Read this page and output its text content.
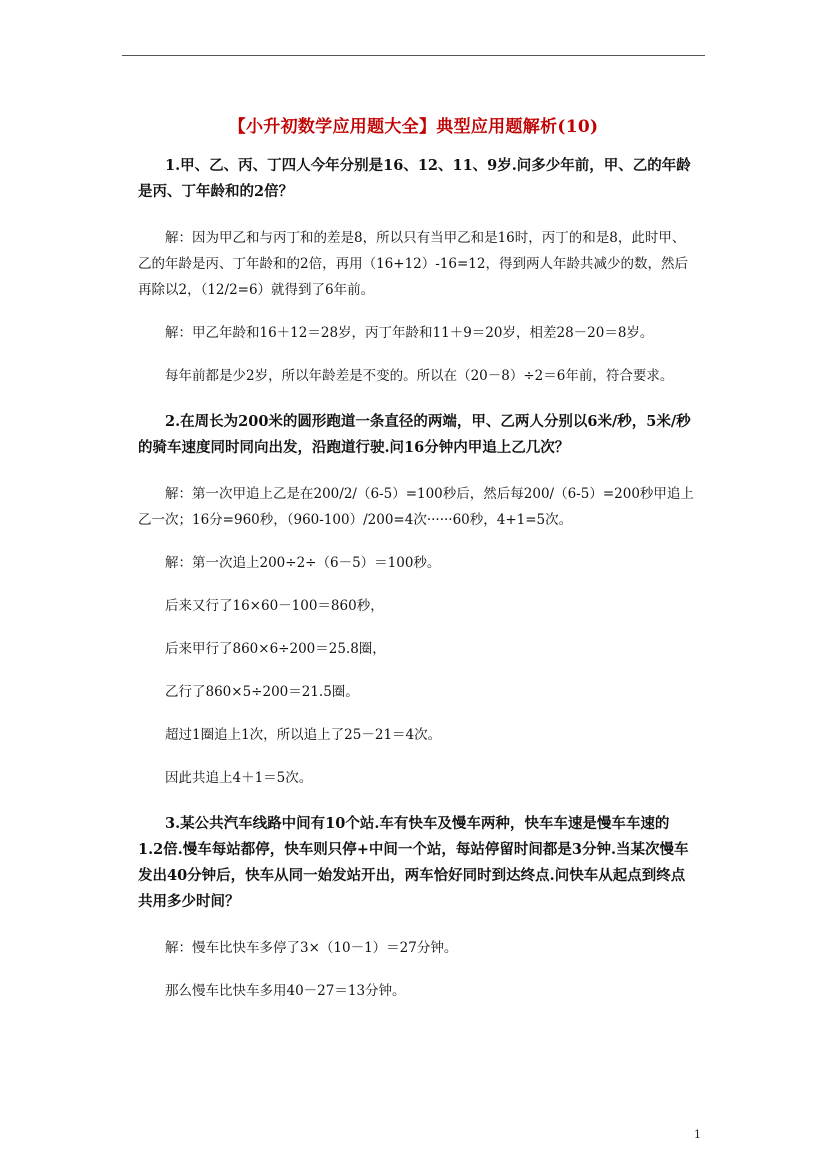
【小升初数学应用题大全】典型应用题解析(10)
1.甲、乙、丙、丁四人今年分别是16、12、11、9岁.问多少年前，甲、乙的年龄是丙、丁年龄和的2倍？
解：因为甲乙和与丙丁和的差是8，所以只有当甲乙和是16时，丙丁的和是8，此时甲、乙的年龄是丙、丁年龄和的2倍，再用（16+12）-16=12，得到两人年龄共减少的数，然后再除以2，（12/2=6）就得到了6年前。
解：甲乙年龄和16＋12＝28岁，丙丁年龄和11＋9＝20岁，相差28－20＝8岁。
每年前都是少2岁，所以年龄差是不变的。所以在（20－8）÷2＝6年前，符合要求。
2.在周长为200米的圆形跑道一条直径的两端，甲、乙两人分别以6米/秒，5米/秒的骑车速度同时同向出发，沿跑道行驶.问16分钟内甲追上乙几次？
解：第一次甲追上乙是在200/2/（6-5）=100秒后，然后每200/（6-5）=200秒甲追上乙一次；16分=960秒，（960-100）/200=4次······60秒，4+1=5次。
解：第一次追上200÷2÷（6－5）＝100秒。
后来又行了16×60－100＝860秒，
后来甲行了860×6÷200＝25.8圈，
乙行了860×5÷200＝21.5圈。
超过1圈追上1次，所以追上了25－21＝4次。
因此共追上4＋1＝5次。
3.某公共汽车线路中间有10个站.车有快车及慢车两种，快车车速是慢车车速的1.2倍.慢车每站都停，快车则只停+中间一个站，每站停留时间都是3分钟.当某次慢车发出40分钟后，快车从同一始发站开出，两车恰好同时到达终点.问快车从起点到终点共用多少时间？
解：慢车比快车多停了3×（10－1）＝27分钟。
那么慢车比快车多用40－27＝13分钟。
1
